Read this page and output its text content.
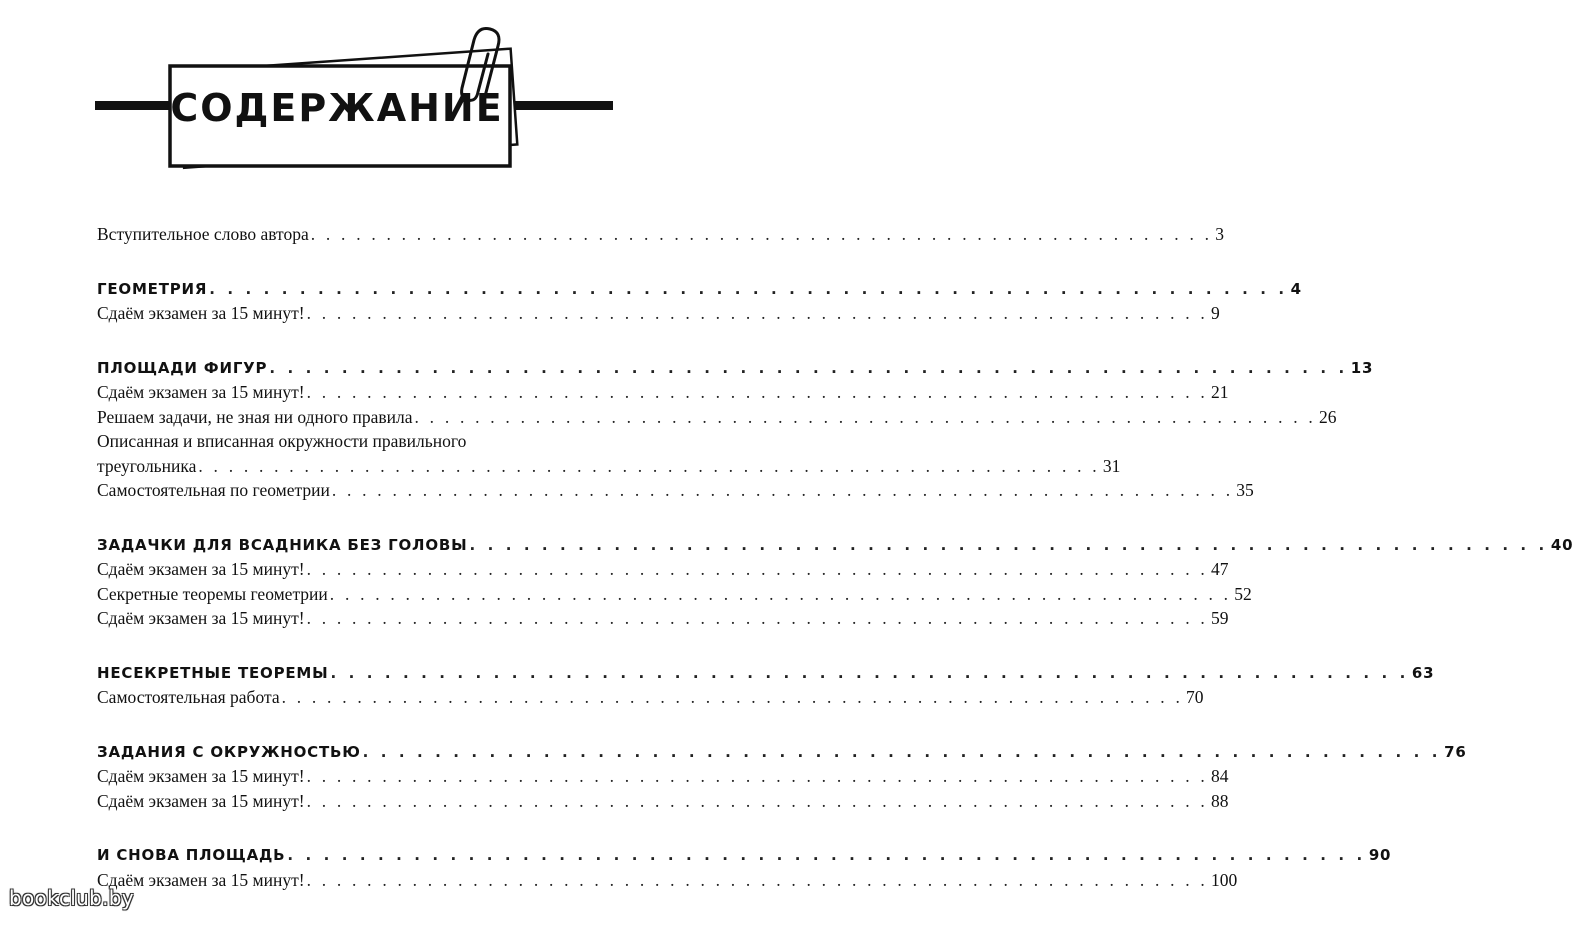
СОДЕРЖАНИЕ
Вступительное слово автора . . . . . . . . . . . . . . . . . . . . . . . . . . . . . . . . . . . . . . . . . . . . . . . . . . . . . . . . . . . . 3
ГЕОМЕТРИЯ . . . . . . . . . . . . . . . . . . . . . . . . . . . . . . . . . . . . . . . . . . . . . . . . . . . . . . . . . . . . 4
Сдаём экзамен за 15 минут! . . . . . . . . . . . . . . . . . . . . . . . . . . . . . . . . . . . . . . . . . . . . . . . . . . . . . . . . . . . . 9
ПЛОЩАДИ ФИГУР . . . . . . . . . . . . . . . . . . . . . . . . . . . . . . . . . . . . . . . . . . . . . . . . . . . . . . . . . . . . 13
Сдаём экзамен за 15 минут! . . . . . . . . . . . . . . . . . . . . . . . . . . . . . . . . . . . . . . . . . . . . . . . . . . . . . . . . . . . . 21
Решаем задачи, не зная ни одного правила . . . . . . . . . . . . . . . . . . . . . . . . . . . . . . . . . . . . . . . . . . . . . . . . . . . . . . . . . . . . 26
Описанная и вписанная окружности правильного
треугольника . . . . . . . . . . . . . . . . . . . . . . . . . . . . . . . . . . . . . . . . . . . . . . . . . . . . . . . . . . . . 31
Самостоятельная по геометрии . . . . . . . . . . . . . . . . . . . . . . . . . . . . . . . . . . . . . . . . . . . . . . . . . . . . . . . . . . . . 35
ЗАДАЧКИ ДЛЯ ВСАДНИКА БЕЗ ГОЛОВЫ . . . . . . . . . . . . . . . . . . . . . . . . . . . . . . . . . . . . . . . . . . . . . . . . . . . . . . . . . . . . 40
Сдаём экзамен за 15 минут! . . . . . . . . . . . . . . . . . . . . . . . . . . . . . . . . . . . . . . . . . . . . . . . . . . . . . . . . . . . . 47
Секретные теоремы геометрии . . . . . . . . . . . . . . . . . . . . . . . . . . . . . . . . . . . . . . . . . . . . . . . . . . . . . . . . . . . . 52
Сдаём экзамен за 15 минут! . . . . . . . . . . . . . . . . . . . . . . . . . . . . . . . . . . . . . . . . . . . . . . . . . . . . . . . . . . . . 59
НЕСЕКРЕТНЫЕ ТЕОРЕМЫ . . . . . . . . . . . . . . . . . . . . . . . . . . . . . . . . . . . . . . . . . . . . . . . . . . . . . . . . . . . . 63
Самостоятельная работа . . . . . . . . . . . . . . . . . . . . . . . . . . . . . . . . . . . . . . . . . . . . . . . . . . . . . . . . . . . . 70
ЗАДАНИЯ С ОКРУЖНОСТЬЮ . . . . . . . . . . . . . . . . . . . . . . . . . . . . . . . . . . . . . . . . . . . . . . . . . . . . . . . . . . . . 76
Сдаём экзамен за 15 минут! . . . . . . . . . . . . . . . . . . . . . . . . . . . . . . . . . . . . . . . . . . . . . . . . . . . . . . . . . . . . 84
Сдаём экзамен за 15 минут! . . . . . . . . . . . . . . . . . . . . . . . . . . . . . . . . . . . . . . . . . . . . . . . . . . . . . . . . . . . . 88
И СНОВА ПЛОЩАДЬ . . . . . . . . . . . . . . . . . . . . . . . . . . . . . . . . . . . . . . . . . . . . . . . . . . . . . . . . . . . . 90
Сдаём экзамен за 15 минут! . . . . . . . . . . . . . . . . . . . . . . . . . . . . . . . . . . . . . . . . . . . . . . . . . . . . . . . . . . . . 100
bookclub.by
